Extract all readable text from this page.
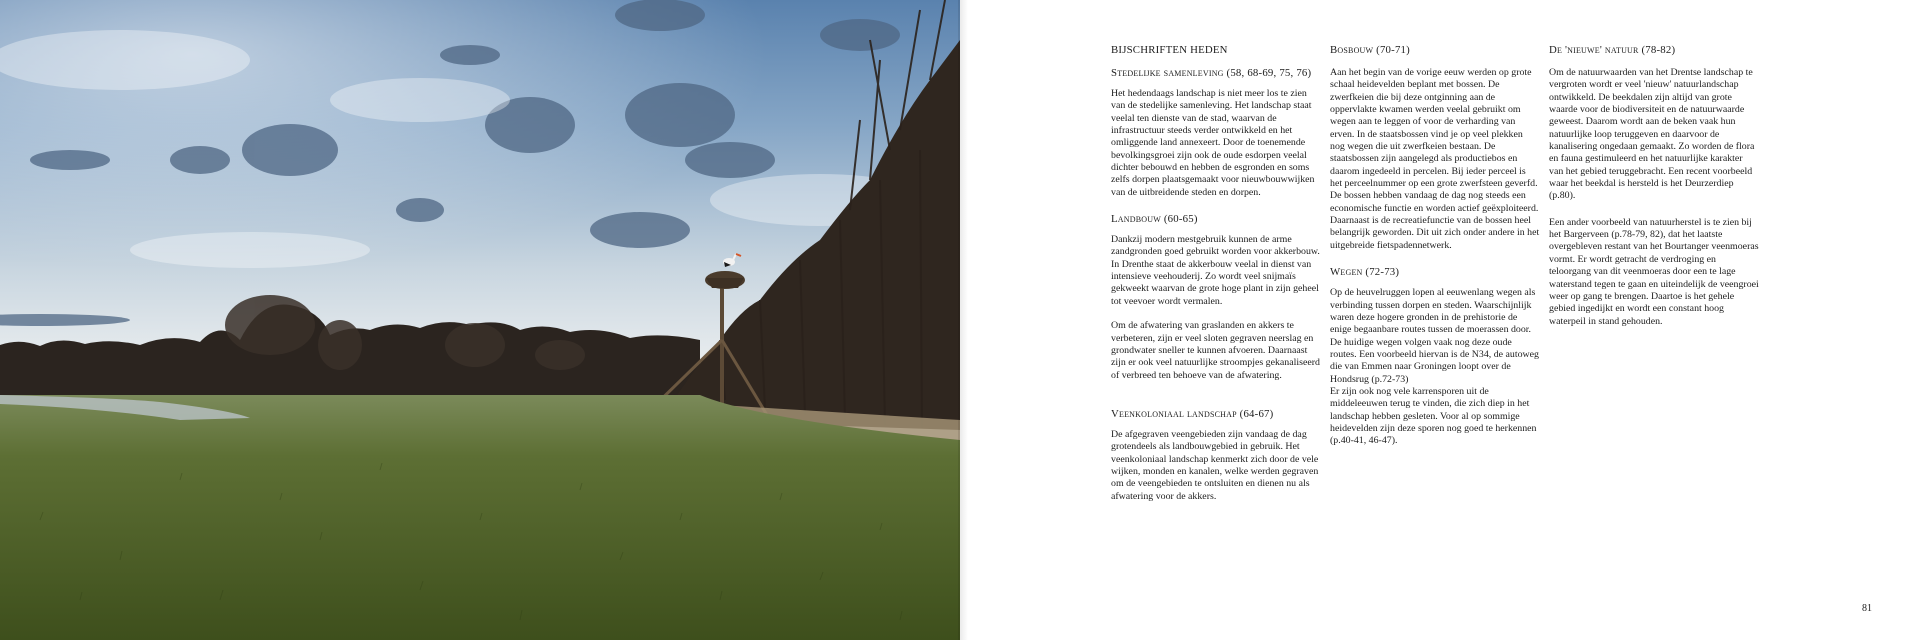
BIJSCHRIFTEN HEDEN
Stedelijke samenleving (58, 68-69, 75, 76)

Het hedendaags landschap is niet meer los te zien van de stedelijke samenleving. Het landschap staat veelal ten dienste van de stad, waarvan de infrastructuur steeds verder ontwikkeld en het omliggende land annexeert. Door de toenemende bevolkingsgroei zijn ook de oude esdorpen veelal dichter bebouwd en hebben de esgronden en soms zelfs dorpen plaatsgemaakt voor nieuwbouwwijken van de uitbreidende steden en dorpen.

Landbouw (60-65)

Dankzij modern mestgebruik kunnen de arme zandgronden goed gebruikt worden voor akkerbouw. In Drenthe staat de akkerbouw veelal in dienst van intensieve veehouderij. Zo wordt veel snijmaïs gekweekt waarvan de grote hoge plant in zijn geheel tot veevoer wordt vermalen.

Om de afwatering van graslanden en akkers te verbeteren, zijn er veel sloten gegraven neerslag en grondwater sneller te kunnen afvoeren. Daarnaast zijn er ook veel natuurlijke stroompjes gekanaliseerd of verbreed ten behoeve van de afwatering.

Veenkoloniaal landschap (64-67)

De afgegraven veengebieden zijn vandaag de dag grotendeels als landbouwgebied in gebruik. Het veenkoloniaal landschap kenmerkt zich door de vele wijken, monden en kanalen, welke werden gegraven om de veengebieden te ontsluiten en dienen nu als afwatering voor de akkers.

Bosbouw (70-71)

Aan het begin van de vorige eeuw werden op grote schaal heidevelden beplant met bossen. De zwerfkeien die bij deze ontginning aan de oppervlakte kwamen werden veelal gebruikt om wegen aan te leggen of voor de verharding van erven. In de staatsbossen vind je op veel plekken nog wegen die uit zwerfkeien bestaan. De staatsbossen zijn aangelegd als productiebos en daarom ingedeeld in percelen. Bij ieder perceel is het perceelnummer op een grote zwerfsteen geverfd. De bossen hebben vandaag de dag nog steeds een economische functie en worden actief geëxploiteerd. Daarnaast is de recreatiefunctie van de bossen heel belangrijk geworden. Dit uit zich onder andere in het uitgebreide fietspadennetwerk.

Wegen (72-73)

Op de heuvelruggen lopen al eeuwenlang wegen als verbinding tussen dorpen en steden. Waarschijnlijk waren deze hogere gronden in de prehistorie de enige begaanbare routes tussen de moerassen door.

De huidige wegen volgen vaak nog deze oude routes. Een voorbeeld hiervan is de N34, de autoweg die van Emmen naar Groningen loopt over de Hondsrug (p.72-73)

Er zijn ook nog vele karrensporen uit de middeleeuwen terug te vinden, die zich diep in het landschap hebben gesleten. Voor al op sommige heidevelden zijn deze sporen nog goed te herkennen (p.40-41, 46-47).

De 'nieuwe' natuur (78-82)

Om de natuurwaarden van het Drentse landschap te vergroten wordt er veel 'nieuw' natuurlandschap ontwikkeld. De beekdalen zijn altijd van grote waarde voor de biodiversiteit en de natuurwaarde geweest. Daarom wordt aan de beken vaak hun natuurlijke loop teruggeven en daarvoor de kanalisering ongedaan gemaakt. Zo worden de flora en fauna gestimuleerd en het natuurlijke karakter van het gebied teruggebracht. Een recent voorbeeld waar het beekdal is hersteld is het Deurzerdiep (p.80).

Een ander voorbeeld van natuurherstel is te zien bij het Bargerveen (p.78-79, 82), dat het laatste overgebleven restant van het Bourtanger veenmoeras vormt. Er wordt getracht de verdroging en teloorgang van dit veenmoeras door een te lage waterstand tegen te gaan en uiteindelijk de veengroei weer op gang te brengen. Daartoe is het gehele gebied ingedijkt en wordt een constant hoog waterpeil in stand gehouden.

81
